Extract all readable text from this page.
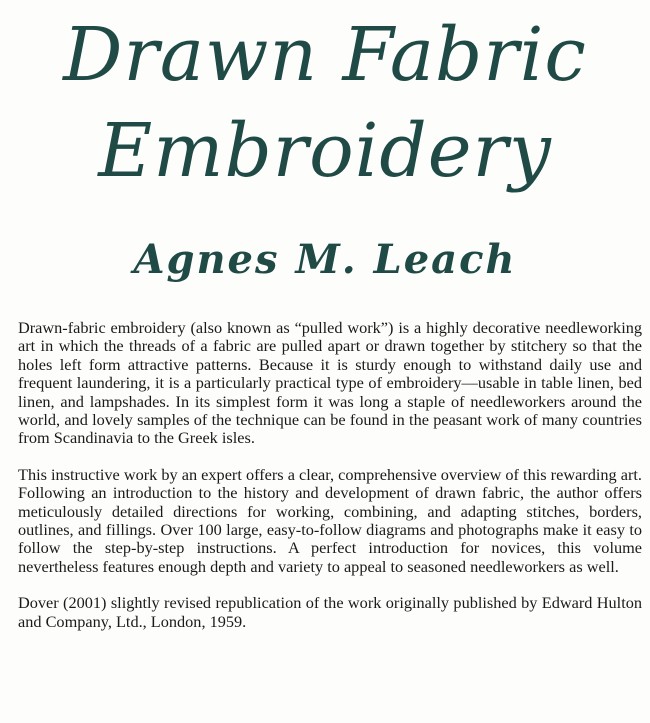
Drawn Fabric
Embroidery
Agnes M. Leach

Drawn-fabric embroidery (also known as “pulled work”) is a highly decorative needleworking art in which the threads of a fabric are pulled apart or drawn together by stitchery so that the holes left form attractive patterns. Because it is sturdy enough to withstand daily use and frequent laundering, it is a particularly practical type of embroidery—usable in table linen, bed linen, and lampshades. In its simplest form it was long a staple of needleworkers around the world, and lovely samples of the technique can be found in the peasant work of many countries from Scandinavia to the Greek isles.

This instructive work by an expert offers a clear, comprehensive overview of this rewarding art. Following an introduction to the history and development of drawn fabric, the author offers meticulously detailed directions for working, combining, and adapting stitches, borders, outlines, and fillings. Over 100 large, easy-to-follow diagrams and photographs make it easy to follow the step-by-step instructions. A perfect introduction for novices, this volume nevertheless features enough depth and variety to appeal to seasoned needleworkers as well.

Dover (2001) slightly revised republication of the work originally published by Edward Hulton and Company, Ltd., London, 1959.
